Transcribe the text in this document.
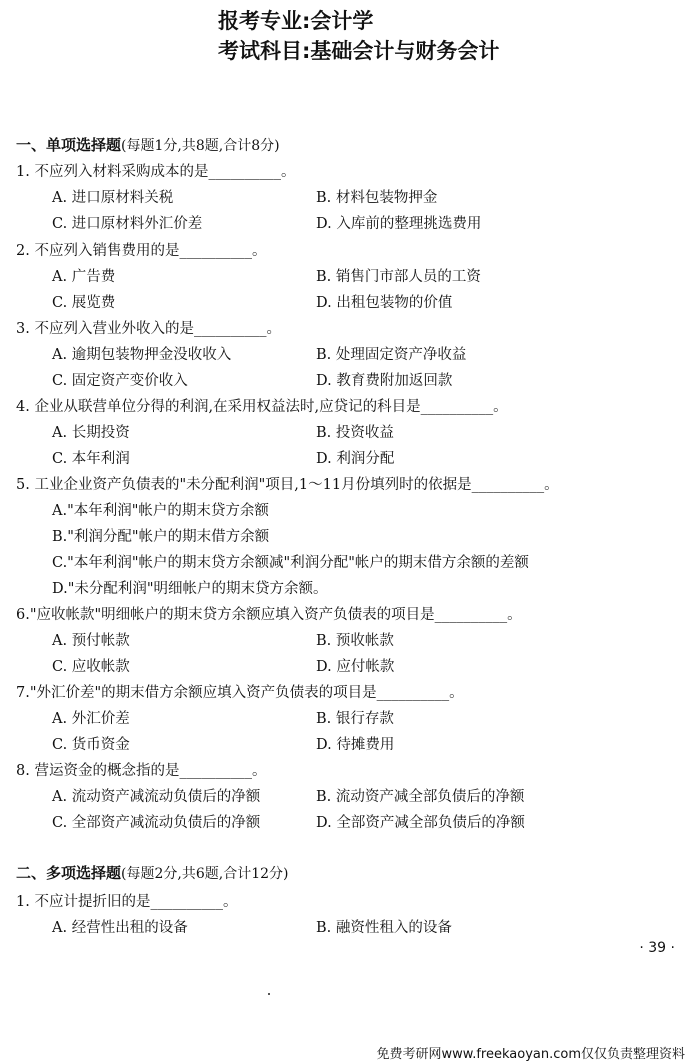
报考专业:会计学
考试科目:基础会计与财务会计
一、单项选择题(每题1分,共8题,合计8分)
1. 不应列入材料采购成本的是__________。
A. 进口原材料关税	B. 材料包装物押金
C. 进口原材料外汇价差	D. 入库前的整理挑选费用
2. 不应列入销售费用的是__________。
A. 广告费	B. 销售门市部人员的工资
C. 展览费	D. 出租包装物的价值
3. 不应列入营业外收入的是__________。
A. 逾期包装物押金没收收入	B. 处理固定资产净收益
C. 固定资产变价收入	D. 教育费附加返回款
4. 企业从联营单位分得的利润,在采用权益法时,应贷记的科目是__________。
A. 长期投资	B. 投资收益
C. 本年利润	D. 利润分配
5. 工业企业资产负债表的"未分配利润"项目,1～11月份填列时的依据是__________。
A."本年利润"帐户的期末贷方余额
B."利润分配"帐户的期末借方余额
C."本年利润"帐户的期末贷方余额减"利润分配"帐户的期末借方余额的差额
D."未分配利润"明细帐户的期末贷方余额。
6."应收帐款"明细帐户的期末贷方余额应填入资产负债表的项目是__________。
A. 预付帐款	B. 预收帐款
C. 应收帐款	D. 应付帐款
7."外汇价差"的期末借方余额应填入资产负债表的项目是__________。
A. 外汇价差	B. 银行存款
C. 货币资金	D. 待摊费用
8. 营运资金的概念指的是__________。
A. 流动资产减流动负债后的净额	B. 流动资产减全部负债后的净额
C. 全部资产减流动负债后的净额	D. 全部资产减全部负债后的净额
二、多项选择题(每题2分,共6题,合计12分)
1. 不应计提折旧的是__________。
A. 经营性出租的设备	B. 融资性租入的设备
· 39 ·
免费考研网www.freekaoyan.com仅仅负责整理资料
